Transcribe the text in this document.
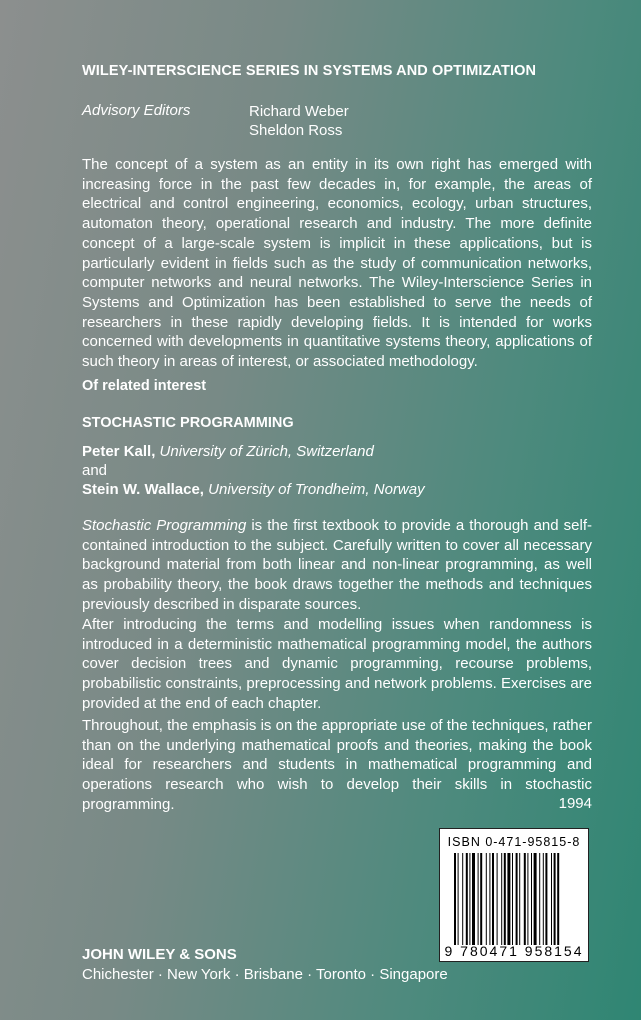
WILEY-INTERSCIENCE SERIES IN SYSTEMS AND OPTIMIZATION
Advisory Editors	Richard Weber
Sheldon Ross

The concept of a system as an entity in its own right has emerged with increasing force in the past few decades in, for example, the areas of electrical and control engineering, economics, ecology, urban structures, automaton theory, operational research and industry. The more definite concept of a large-scale system is implicit in these applications, but is particularly evident in fields such as the study of communication networks, computer networks and neural networks. The Wiley-Interscience Series in Systems and Optimization has been established to serve the needs of researchers in these rapidly developing fields. It is intended for works concerned with developments in quantitative systems theory, applications of such theory in areas of interest, or associated methodology.

Of related interest
STOCHASTIC PROGRAMMING
Peter Kall, University of Zürich, Switzerland
and
Stein W. Wallace, University of Trondheim, Norway

Stochastic Programming is the first textbook to provide a thorough and self-contained introduction to the subject. Carefully written to cover all necessary background material from both linear and non-linear programming, as well as probability theory, the book draws together the methods and techniques previously described in disparate sources.

After introducing the terms and modelling issues when randomness is introduced in a deterministic mathematical programming model, the authors cover decision trees and dynamic programming, recourse problems, probabilistic constraints, preprocessing and network problems. Exercises are provided at the end of each chapter.

Throughout, the emphasis is on the appropriate use of the techniques, rather than on the underlying mathematical proofs and theories, making the book ideal for researchers and students in mathematical programming and operations research who wish to develop their skills in stochastic programming.	1994
ISBN 0-471-95815-8
9 780471 958154
JOHN WILEY & SONS
Chichester · New York · Brisbane · Toronto · Singapore
